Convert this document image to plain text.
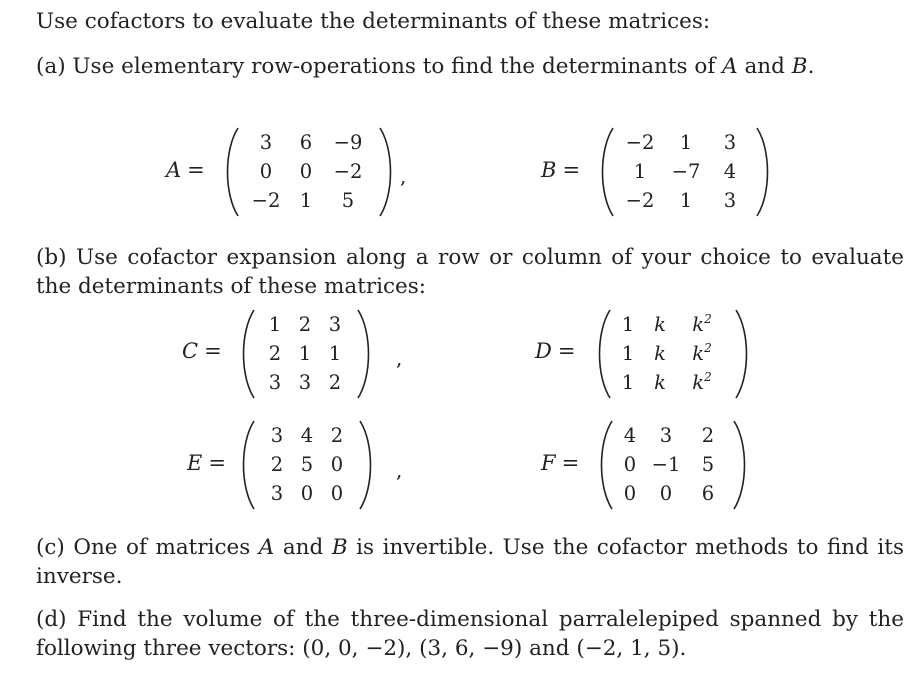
Use cofactors to evaluate the determinants of these matrices:
(a) Use elementary row-operations to find the determinants of A and B.
A =
3	6	−9
0	0	−2
−2 1	5
,	B =
−2	1	3
1	−7	4
−2	1	3
(b) Use cofactor expansion along a row or column of your choice to evaluate the determinants of these matrices:
C =
1 2 3
2 1 1
3 3 2
,	D =
1	k	$k^2$
1	k	$k^2$
1	k	$k^2$
E =
3 4 2
2 5 0
3 0 0
,	F =
4	3	2
0 −1	5
0	0	6
(c) One of matrices A and B is invertible. Use the cofactor methods to find its inverse.
(d) Find the volume of the three-dimensional parralelepiped spanned by the following three vectors: (0, 0, −2), (3, 6, −9) and (−2, 1, 5).
